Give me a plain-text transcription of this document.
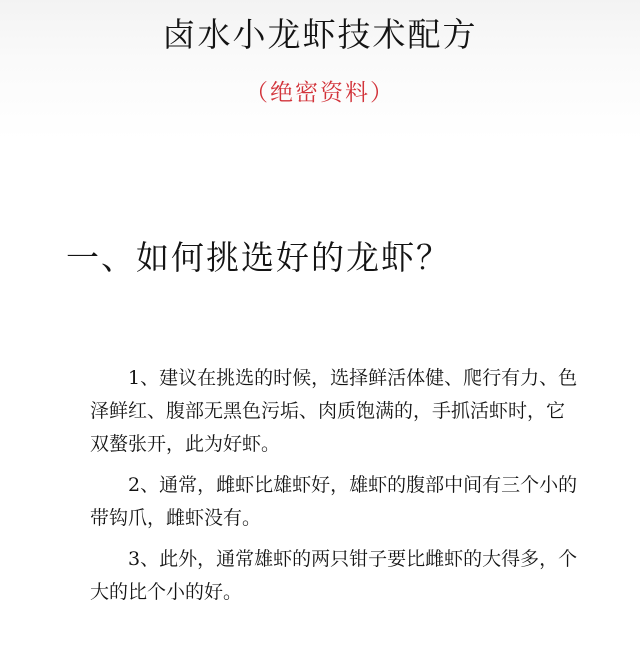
卤水小龙虾技术配方
（绝密资料）
一、如何挑选好的龙虾？

1、建议在挑选的时候，选择鲜活体健、爬行有力、色泽鲜红、腹部无黑色污垢、肉质饱满的，手抓活虾时，它双螯张开，此为好虾。

2、通常，雌虾比雄虾好，雄虾的腹部中间有三个小的带钩爪，雌虾没有。

3、此外，通常雄虾的两只钳子要比雌虾的大得多，个大的比个小的好。
